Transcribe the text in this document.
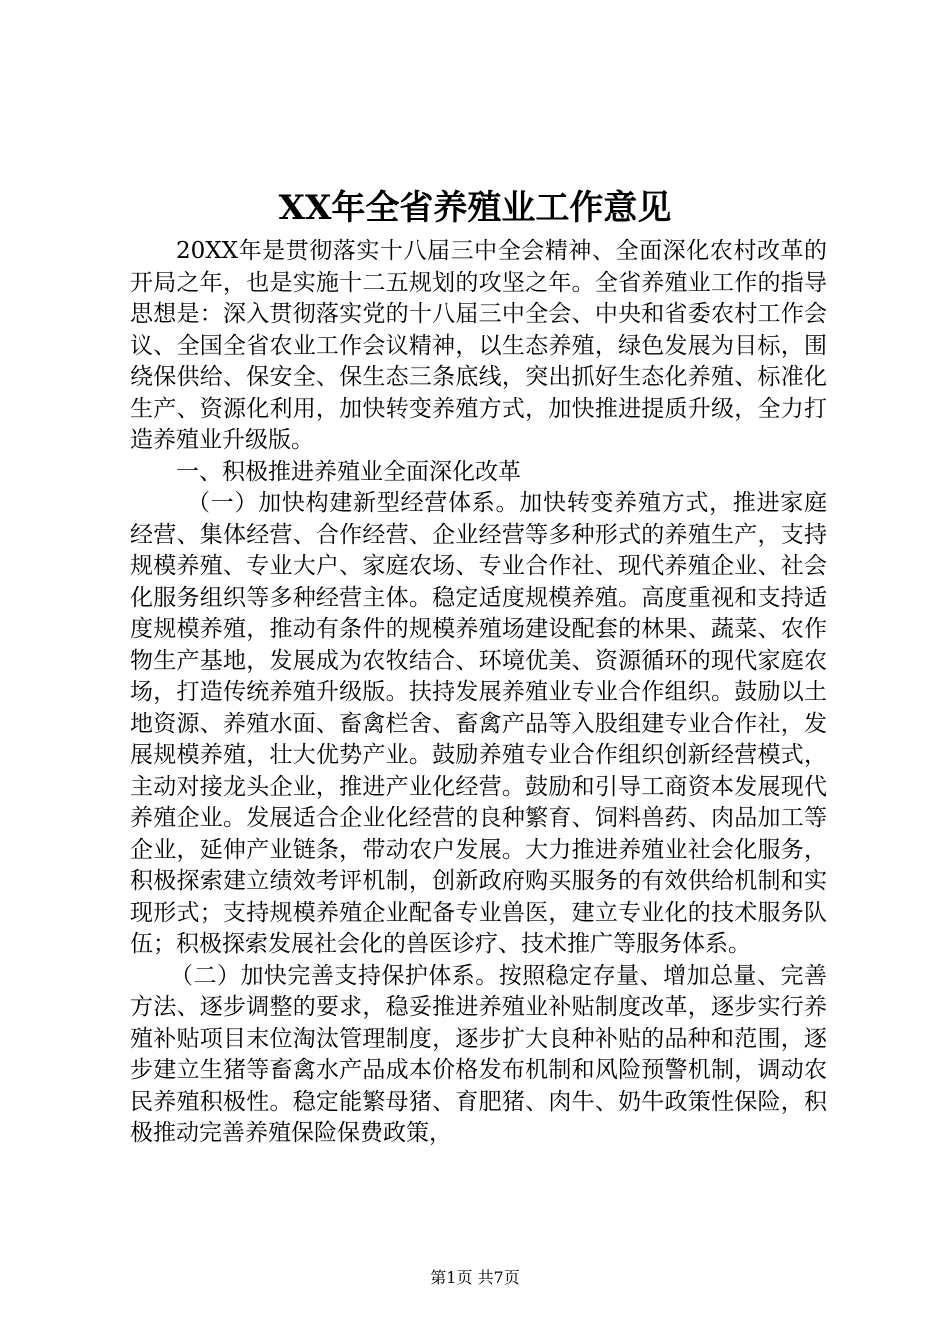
XX年全省养殖业工作意见

20XX年是贯彻落实十八届三中全会精神、全面深化农村改革的开局之年，也是实施十二五规划的攻坚之年。全省养殖业工作的指导思想是：深入贯彻落实党的十八届三中全会、中央和省委农村工作会议、全国全省农业工作会议精神，以生态养殖，绿色发展为目标，围绕保供给、保安全、保生态三条底线，突出抓好生态化养殖、标准化生产、资源化利用，加快转变养殖方式，加快推进提质升级，全力打造养殖业升级版。

一、积极推进养殖业全面深化改革

（一）加快构建新型经营体系。加快转变养殖方式，推进家庭经营、集体经营、合作经营、企业经营等多种形式的养殖生产，支持规模养殖、专业大户、家庭农场、专业合作社、现代养殖企业、社会化服务组织等多种经营主体。稳定适度规模养殖。高度重视和支持适度规模养殖，推动有条件的规模养殖场建设配套的林果、蔬菜、农作物生产基地，发展成为农牧结合、环境优美、资源循环的现代家庭农场，打造传统养殖升级版。扶持发展养殖业专业合作组织。鼓励以土地资源、养殖水面、畜禽栏舍、畜禽产品等入股组建专业合作社，发展规模养殖，壮大优势产业。鼓励养殖专业合作组织创新经营模式，主动对接龙头企业，推进产业化经营。鼓励和引导工商资本发展现代养殖企业。发展适合企业化经营的良种繁育、饲料兽药、肉品加工等企业，延伸产业链条，带动农户发展。大力推进养殖业社会化服务，积极探索建立绩效考评机制，创新政府购买服务的有效供给机制和实现形式；支持规模养殖企业配备专业兽医，建立专业化的技术服务队伍；积极探索发展社会化的兽医诊疗、技术推广等服务体系。

（二）加快完善支持保护体系。按照稳定存量、增加总量、完善方法、逐步调整的要求，稳妥推进养殖业补贴制度改革，逐步实行养殖补贴项目末位淘汰管理制度，逐步扩大良种补贴的品种和范围，逐步建立生猪等畜禽水产品成本价格发布机制和风险预警机制，调动农民养殖积极性。稳定能繁母猪、育肥猪、肉牛、奶牛政策性保险，积极推动完善养殖保险保费政策，

第1页 共7页
